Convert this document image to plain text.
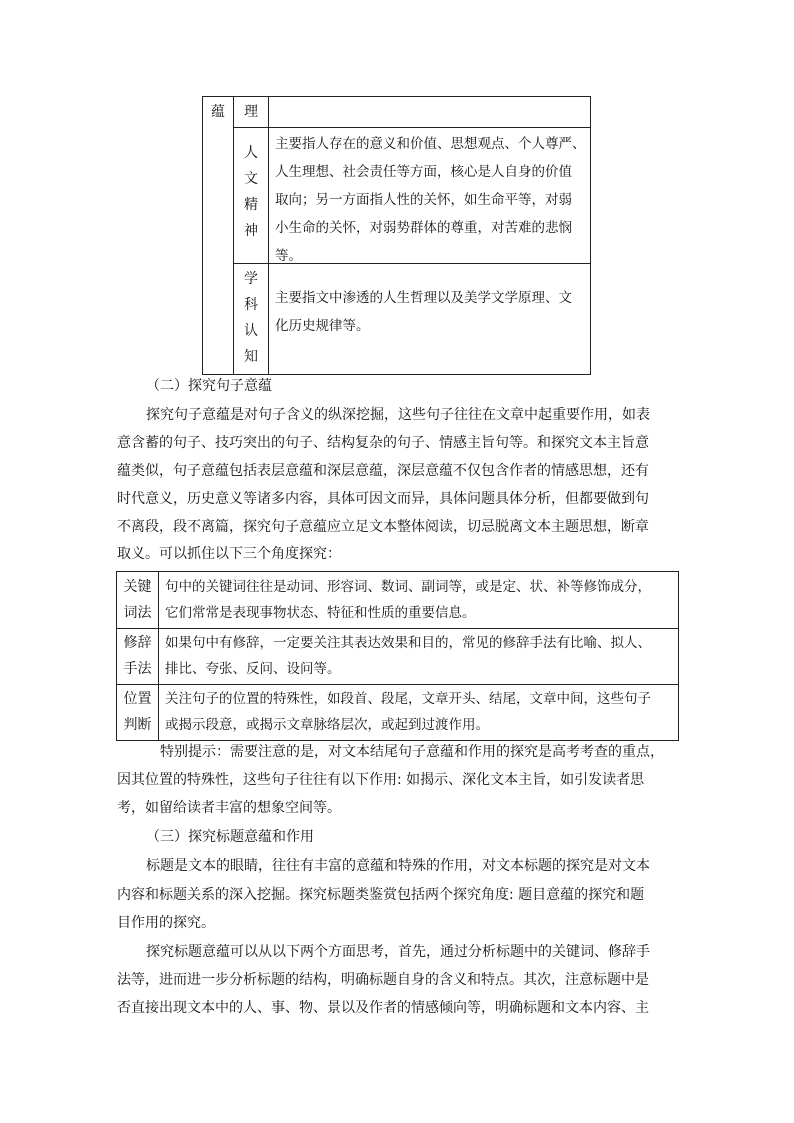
蕴 理
人
文
精
神
主要指人存在的意义和价值、思想观点、个人尊严、
人生理想、社会责任等方面，核心是人自身的价值
取向；另一方面指人性的关怀，如生命平等，对弱
小生命的关怀，对弱势群体的尊重，对苦难的悲悯
等。
学
科
认
知
主要指文中渗透的人生哲理以及美学文学原理、文
化历史规律等。
（二）探究句子意蕴
探究句子意蕴是对句子含义的纵深挖掘，这些句子往往在文章中起重要作用，如表
意含蓄的句子、技巧突出的句子、结构复杂的句子、情感主旨句等。和探究文本主旨意
蕴类似，句子意蕴包括表层意蕴和深层意蕴，深层意蕴不仅包含作者的情感思想，还有
时代意义，历史意义等诸多内容，具体可因文而异，具体问题具体分析，但都要做到句
不离段，段不离篇，探究句子意蕴应立足文本整体阅读，切忌脱离文本主题思想，断章
取义。可以抓住以下三个角度探究：
关键
词法
句中的关键词往往是动词、形容词、数词、副词等，或是定、状、补等修饰成分，
它们常常是表现事物状态、特征和性质的重要信息。
修辞
手法
如果句中有修辞，一定要关注其表达效果和目的，常见的修辞手法有比喻、拟人、
排比、夸张、反问、设问等。
位置
判断
关注句子的位置的特殊性，如段首、段尾，文章开头、结尾，文章中间，这些句子
或揭示段意，或揭示文章脉络层次，或起到过渡作用。
特别提示：需要注意的是，对文本结尾句子意蕴和作用的探究是高考考查的重点，
因其位置的特殊性，这些句子往往有以下作用: 如揭示、深化文本主旨，如引发读者思
考，如留给读者丰富的想象空间等。
（三）探究标题意蕴和作用
标题是文本的眼睛，往往有丰富的意蕴和特殊的作用，对文本标题的探究是对文本
内容和标题关系的深入挖掘。探究标题类鉴赏包括两个探究角度: 题目意蕴的探究和题
目作用的探究。
探究标题意蕴可以从以下两个方面思考，首先，通过分析标题中的关键词、修辞手
法等，进而进一步分析标题的结构，明确标题自身的含义和特点。其次，注意标题中是
否直接出现文本中的人、事、物、景以及作者的情感倾向等，明确标题和文本内容、主
